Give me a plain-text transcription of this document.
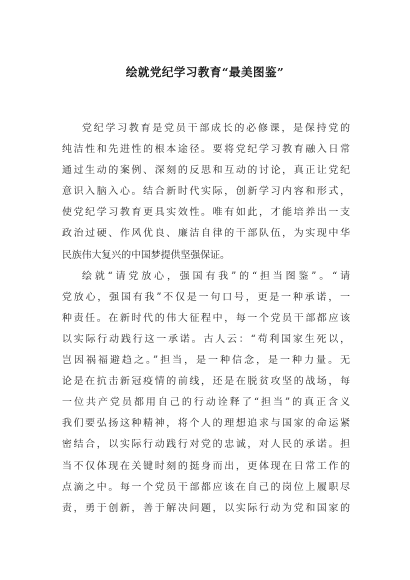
绘就党纪学习教育“最美图鉴”
党纪学习教育是党员干部成长的必修课，是保持党的
纯洁性和先进性的根本途径。要将党纪学习教育融入日常
通过生动的案例、深刻的反思和互动的讨论，真正让党纪
意识入脑入心。结合新时代实际，创新学习内容和形式，
使党纪学习教育更具实效性。唯有如此，才能培养出一支
政治过硬、作风优良、廉洁自律的干部队伍，为实现中华
民族伟大复兴的中国梦提供坚强保证。
绘就“请党放心，强国有我”的“担当图鉴”。“请
党放心，强国有我”不仅是一句口号，更是一种承诺，一
种责任。在新时代的伟大征程中，每一个党员干部都应该
以实际行动践行这一承诺。古人云：“苟利国家生死以，
岂因祸福避趋之。”担当，是一种信念，是一种力量。无
论是在抗击新冠疫情的前线，还是在脱贫攻坚的战场，每
一位共产党员都用自己的行动诠释了“担当”的真正含义
我们要弘扬这种精神，将个人的理想追求与国家的命运紧
密结合，以实际行动践行对党的忠诚，对人民的承诺。担
当不仅体现在关键时刻的挺身而出，更体现在日常工作的
点滴之中。每一个党员干部都应该在自己的岗位上履职尽
责，勇于创新，善于解决问题，以实际行动为党和国家的
